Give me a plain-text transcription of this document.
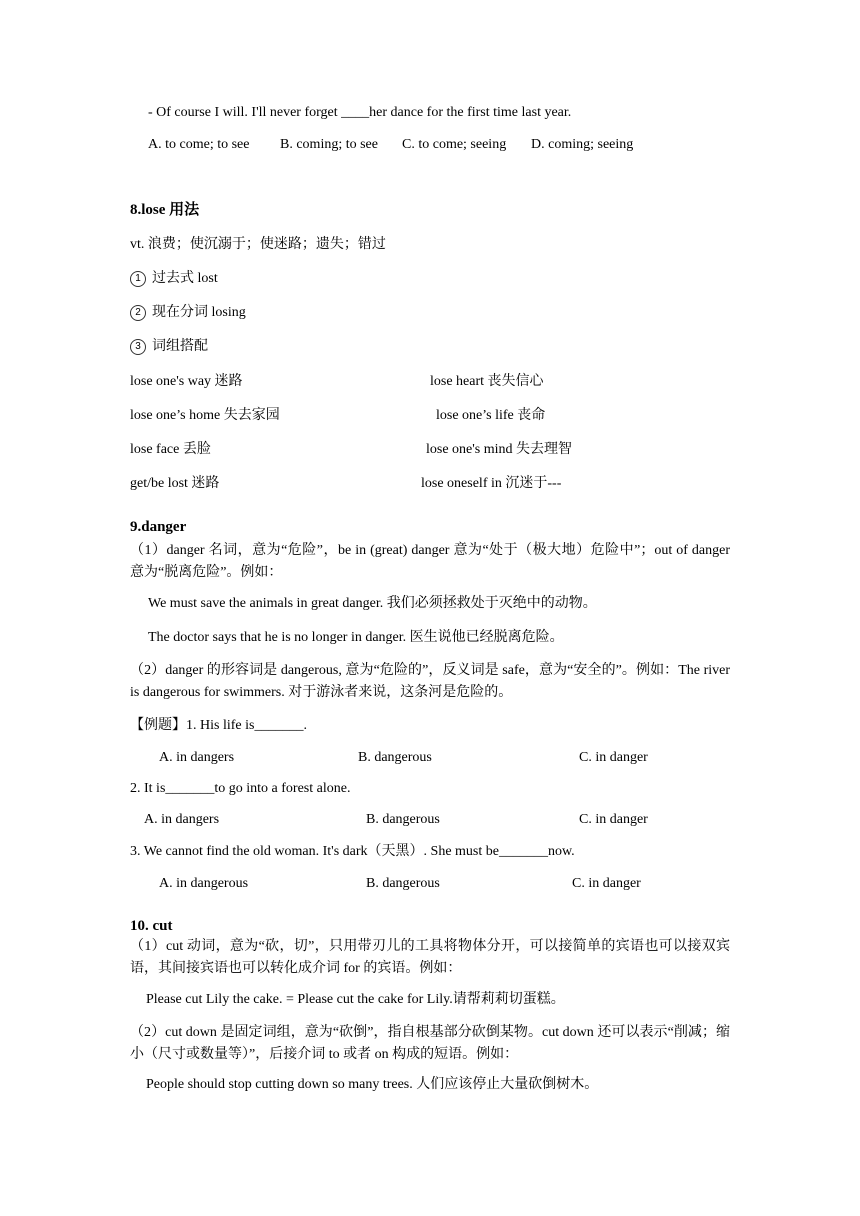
- Of course I will. I'll never forget ____her dance for the first time last year.
A. to come; to see B. coming; to see C. to come; seeing D. coming; seeing
8.lose 用法
vt. 浪费；使沉溺于；使迷路；遗失；错过
1 过去式 lost
2 现在分词 losing
3 词组搭配
lose one's way 迷路	lose heart 丧失信心
lose one’s home 失去家园	lose one’s life 丧命
lose face 丢脸	lose one's mind 失去理智
get/be lost 迷路	lose oneself in 沉迷于---
9.danger
（1）danger 名词，意为“危险”，be in (great) danger 意为“处于（极大地）危险中”；out of danger 意为“脱离危险”。例如：
We must save the animals in great danger. 我们必须拯救处于灭绝中的动物。
The doctor says that he is no longer in danger. 医生说他已经脱离危险。
（2）danger 的形容词是 dangerous, 意为“危险的”，反义词是 safe，意为“安全的”。例如：The river is dangerous for swimmers. 对于游泳者来说，这条河是危险的。
【例题】1. His life is_______.
A. in dangers	B. dangerous	C. in danger
2. It is_______to go into a forest alone.
A. in dangers	B. dangerous	C. in danger
3. We cannot find the old woman. It's dark（天黑）. She must be_______now.
A. in dangerous	B. dangerous	C. in danger
10. cut
（1）cut 动词，意为“砍，切”，只用带刃儿的工具将物体分开，可以接简单的宾语也可以接双宾语，其间接宾语也可以转化成介词 for 的宾语。例如：
Please cut Lily the cake. = Please cut the cake for Lily.请帮莉莉切蛋糕。
（2）cut down 是固定词组，意为“砍倒”，指自根基部分砍倒某物。cut down 还可以表示“削减；缩小（尺寸或数量等）”，后接介词 to 或者 on 构成的短语。例如：
People should stop cutting down so many trees. 人们应该停止大量砍倒树木。
